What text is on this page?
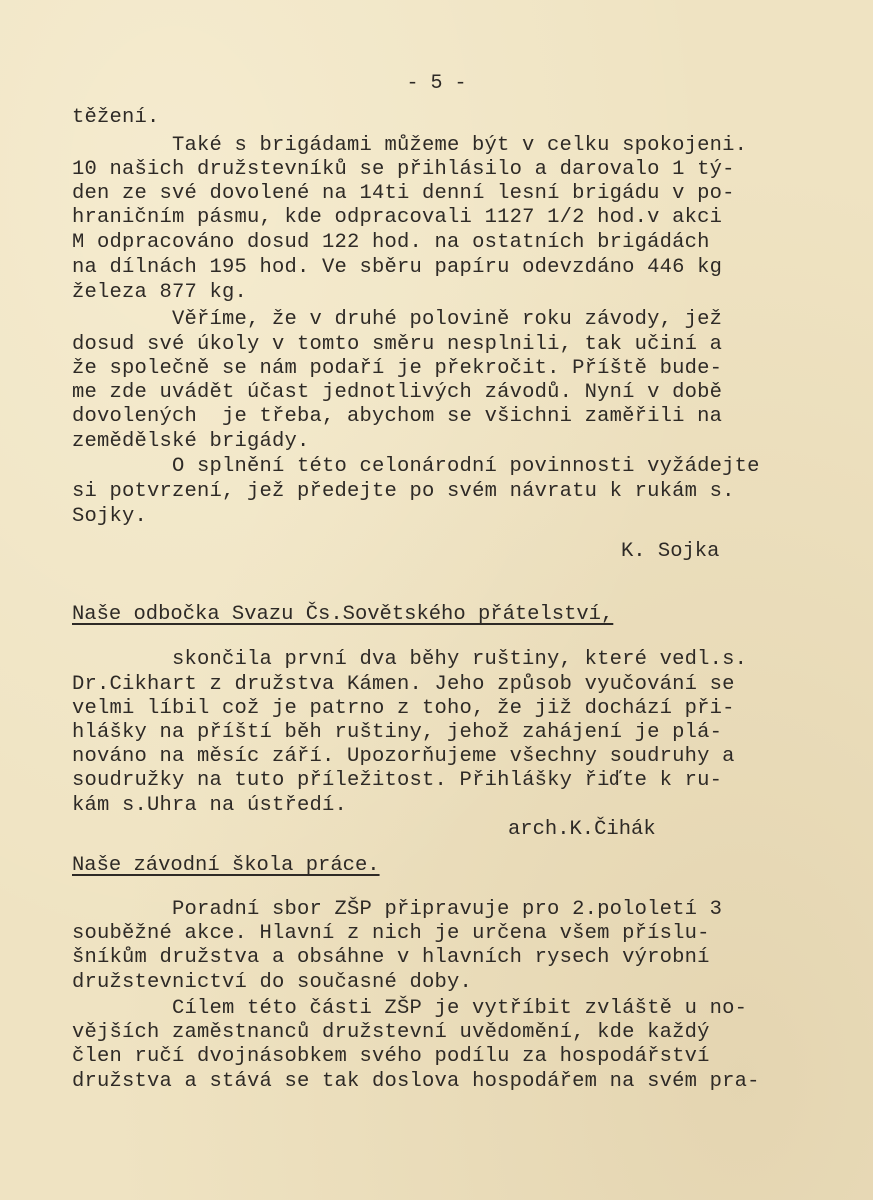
- 5 -
těžení.
Také s brigádami můžeme být v celku spokojeni.
10 našich družstevníků se přihlásilo a darovalo 1 tý-
den ze své dovolené na 14ti denní lesní brigádu v po-
hraničním pásmu, kde odpracovali 1127 1/2 hod.v akci
M odpracováno dosud 122 hod. na ostatních brigádách
na dílnách 195 hod. Ve sběru papíru odevzdáno 446 kg
železa 877 kg.
Věříme, že v druhé polovině roku závody, jež
dosud své úkoly v tomto směru nesplnili, tak učiní a
že společně se nám podaří je překročit. Příště bude-
me zde uvádět účast jednotlivých závodů. Nyní v době
dovolených  je třeba, abychom se všichni zaměřili na
zemědělské brigády.
O splnění této celonárodní povinnosti vyžádejte
si potvrzení, jež předejte po svém návratu k rukám s.
Sojky.
K. Sojka
Naše odbočka Svazu Čs.Sovětského přátelství,
skončila první dva běhy ruštiny, které vedl.s.
Dr.Cikhart z družstva Kámen. Jeho způsob vyučování se
velmi líbil což je patrno z toho, že již dochází při-
hlášky na příští běh ruštiny, jehož zahájení je plá-
nováno na měsíc září. Upozorňujeme všechny soudruhy a
soudružky na tuto příležitost. Přihlášky řiďte k ru-
kám s.Uhra na ústředí.
arch.K.Čihák
Naše závodní škola práce.
Poradní sbor ZŠP připravuje pro 2.pololetí 3
souběžné akce. Hlavní z nich je určena všem příslu-
šníkům družstva a obsáhne v hlavních rysech výrobní
družstevnictví do současné doby.
Cílem této části ZŠP je vytříbit zvláště u no-
vějších zaměstnanců družstevní uvědomění, kde každý
člen ručí dvojnásobkem svého podílu za hospodářství
družstva a stává se tak doslova hospodářem na svém pra-
